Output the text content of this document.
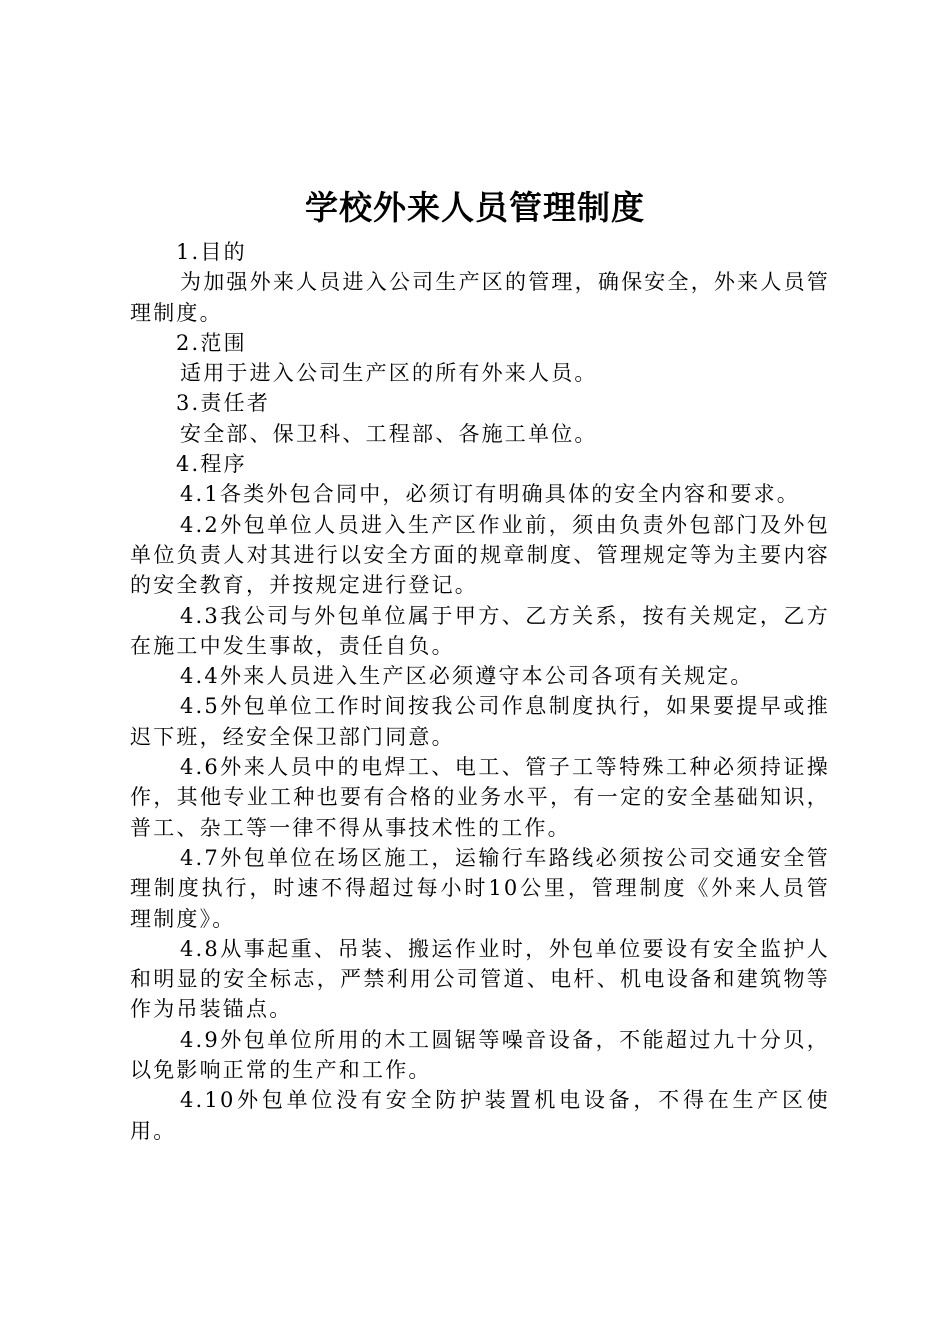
学校外来人员管理制度

1.目的

为加强外来人员进入公司生产区的管理，确保安全，外来人员管理制度。

2.范围

适用于进入公司生产区的所有外来人员。

3.责任者

安全部、保卫科、工程部、各施工单位。

4.程序

4.1各类外包合同中，必须订有明确具体的安全内容和要求。

4.2外包单位人员进入生产区作业前，须由负责外包部门及外包单位负责人对其进行以安全方面的规章制度、管理规定等为主要内容的安全教育，并按规定进行登记。

4.3我公司与外包单位属于甲方、乙方关系，按有关规定，乙方在施工中发生事故，责任自负。

4.4外来人员进入生产区必须遵守本公司各项有关规定。

4.5外包单位工作时间按我公司作息制度执行，如果要提早或推迟下班，经安全保卫部门同意。

4.6外来人员中的电焊工、电工、管子工等特殊工种必须持证操作，其他专业工种也要有合格的业务水平，有一定的安全基础知识，普工、杂工等一律不得从事技术性的工作。

4.7外包单位在场区施工，运输行车路线必须按公司交通安全管理制度执行，时速不得超过每小时10公里，管理制度《外来人员管理制度》。

4.8从事起重、吊装、搬运作业时，外包单位要设有安全监护人和明显的安全标志，严禁利用公司管道、电杆、机电设备和建筑物等作为吊装锚点。

4.9外包单位所用的木工圆锯等噪音设备，不能超过九十分贝，以免影响正常的生产和工作。

4.10外包单位没有安全防护装置机电设备，不得在生产区使用。
